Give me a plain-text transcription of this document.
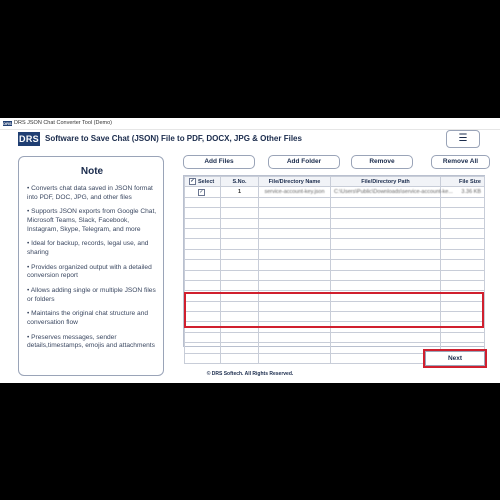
DRS DRS JSON Chat Converter Tool (Demo)
DRS Software to Save Chat (JSON) File to PDF, DOCX, JPG & Other Files	☰
Note
• Converts chat data saved in JSON format into PDF, DOC, JPG, and other files
• Supports JSON exports from Google Chat, Microsoft Teams, Slack, Facebook, Instagram, Skype, Telegram, and more
• Ideal for backup, records, legal use, and sharing
• Provides organized output with a detailed conversion report
• Allows adding single or multiple JSON files or folders
• Maintains the original chat structure and conversation flow
• Preserves messages, sender details,timestamps, emojis and attachments
Add Files	Add Folder	Remove	Remove All
✓ Select	S.No.	File/Directory Name	File/Directory Path	File Size
✓	1	service-account-key.json	C:\Users\Public\Downloads\service-account-ke...	3.36 KB

Next
© DRS Softech. All Rights Reserved.
